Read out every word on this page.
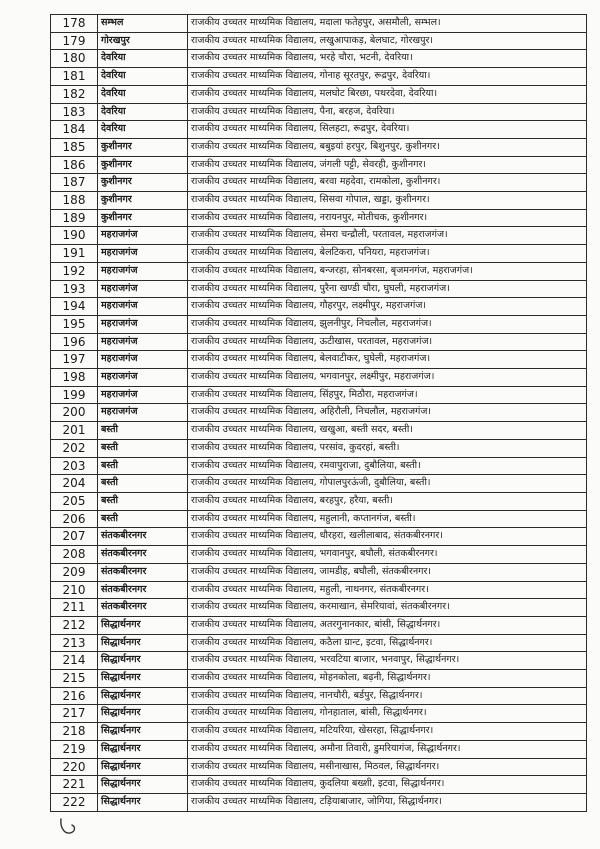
178	सम्भल	राजकीय उच्चतर माध्यमिक विद्यालय, मदाला फतेहपुर, असमौली, सम्भल।
179	गोरखपुर	राजकीय उच्चतर माध्यमिक विद्यालय, लखुआपाकड़, बेलघाट, गोरखपुर।
180	देवरिया	राजकीय उच्चतर माध्यमिक विद्यालय, भरहे चौरा, भटनी, देवरिया।
181	देवरिया	राजकीय उच्चतर माध्यमिक विद्यालय, गोनाह सूरतपुर, रूद्रपुर, देवरिया।
182	देवरिया	राजकीय उच्चतर माध्यमिक विद्यालय, मलघोट बिरछा, पथरदेवा, देवरिया।
183	देवरिया	राजकीय उच्चतर माध्यमिक विद्यालय, पैना, बरहज, देवरिया।
184	देवरिया	राजकीय उच्चतर माध्यमिक विद्यालय, सिलहटा, रूद्रपुर, देवरिया।
185	कुशीनगर	राजकीय उच्चतर माध्यमिक विद्यालय, बबुइयां हरपुर, बिशुनपुर, कुशीनगर।
186	कुशीनगर	राजकीय उच्चतर माध्यमिक विद्यालय, जंगली पट्टी, सेवरही, कुशीनगर।
187	कुशीनगर	राजकीय उच्चतर माध्यमिक विद्यालय, बरवा महदेवा, रामकोला, कुशीनगर।
188	कुशीनगर	राजकीय उच्चतर माध्यमिक विद्यालय, सिसवा गोपाल, खड्डा, कुशीनगर।
189	कुशीनगर	राजकीय उच्चतर माध्यमिक विद्यालय, नरायनपुर, मोतीचक, कुशीनगर।
190	महराजगंज	राजकीय उच्चतर माध्यमिक विद्यालय, सेमरा चन्द्रौली, परतावल, महराजगंज।
191	महराजगंज	राजकीय उच्चतर माध्यमिक विद्यालय, बेलटिकरा, पनियरा, महराजगंज।
192	महराजगंज	राजकीय उच्चतर माध्यमिक विद्यालय, बन्जरहा, सोनबरसा, बृजमनगंज, महराजगंज।
193	महराजगंज	राजकीय उच्चतर माध्यमिक विद्यालय, पुरैना खण्डी चौरा, घुघली, महराजगंज।
194	महराजगंज	राजकीय उच्चतर माध्यमिक विद्यालय, गौहरपुर, लक्ष्मीपुर, महराजगंज।
195	महराजगंज	राजकीय उच्चतर माध्यमिक विद्यालय, झुलनीपुर, निचलौल, महराजगंज।
196	महराजगंज	राजकीय उच्चतर माध्यमिक विद्यालय, ऊटीखास, परतावल, महराजगंज।
197	महराजगंज	राजकीय उच्चतर माध्यमिक विद्यालय, बेलवाटीकर, घुघेली, महराजगंज।
198	महराजगंज	राजकीय उच्चतर माध्यमिक विद्यालय, भगवानपुर, लक्ष्मीपुर, महराजगंज।
199	महराजगंज	राजकीय उच्चतर माध्यमिक विद्यालय, सिंहपुर, मिठौरा, महराजगंज।
200	महराजगंज	राजकीय उच्चतर माध्यमिक विद्यालय, अहिरौली, निचलौल, महराजगंज।
201	बस्ती	राजकीय उच्चतर माध्यमिक विद्यालय, खखुआ, बस्ती सदर, बस्ती।
202	बस्ती	राजकीय उच्चतर माध्यमिक विद्यालय, परसांव, कुदरहां, बस्ती।
203	बस्ती	राजकीय उच्चतर माध्यमिक विद्यालय, रमवापुराजा, दुबौलिया, बस्ती।
204	बस्ती	राजकीय उच्चतर माध्यमिक विद्यालय, गोपालपुरऊंजी, दुबौलिया, बस्ती।
205	बस्ती	राजकीय उच्चतर माध्यमिक विद्यालय, बरहपुर, हरैया, बस्ती।
206	बस्ती	राजकीय उच्चतर माध्यमिक विद्यालय, महुलानी, कप्तानगंज, बस्ती।
207	संतकबीरनगर	राजकीय उच्चतर माध्यमिक विद्यालय, धौरहरा, खलीलाबाद, संतकबीरनगर।
208	संतकबीरनगर	राजकीय उच्चतर माध्यमिक विद्यालय, भगवानपुर, बघौली, संतकबीरनगर।
209	संतकबीरनगर	राजकीय उच्चतर माध्यमिक विद्यालय, जामडीह, बघौली, संतकबीरनगर।
210	संतकबीरनगर	राजकीय उच्चतर माध्यमिक विद्यालय, महुली, नाथनगर, संतकबीरनगर।
211	संतकबीरनगर	राजकीय उच्चतर माध्यमिक विद्यालय, करमाखान, सेमरियावां, संतकबीरनगर।
212	सिद्धार्थनगर	राजकीय उच्चतर माध्यमिक विद्यालय, अतरगुनानकार, बांसी, सिद्धार्थनगर।
213	सिद्धार्थनगर	राजकीय उच्चतर माध्यमिक विद्यालय, कठैला ग्रान्ट, इटवा, सिद्धार्थनगर।
214	सिद्धार्थनगर	राजकीय उच्चतर माध्यमिक विद्यालय, भरवटिया बाजार, भनवापुर, सिद्धार्थनगर।
215	सिद्धार्थनगर	राजकीय उच्चतर माध्यमिक विद्यालय, मोहनकोला, बढ़नी, सिद्धार्थनगर।
216	सिद्धार्थनगर	राजकीय उच्चतर माध्यमिक विद्यालय, नानचौरी, बर्डपुर, सिद्धार्थनगर।
217	सिद्धार्थनगर	राजकीय उच्चतर माध्यमिक विद्यालय, गोनहाताल, बांसी, सिद्धार्थनगर।
218	सिद्धार्थनगर	राजकीय उच्चतर माध्यमिक विद्यालय, मटियरिया, खेसरहा, सिद्धार्थनगर।
219	सिद्धार्थनगर	राजकीय उच्चतर माध्यमिक विद्यालय, अमौना तिवारी, डुमरियागंज, सिद्धार्थनगर।
220	सिद्धार्थनगर	राजकीय उच्चतर माध्यमिक विद्यालय, मसीनाखास, मिठवल, सिद्धार्थनगर।
221	सिद्धार्थनगर	राजकीय उच्चतर माध्यमिक विद्यालय, कुदलिया बख्शी, इटवा, सिद्धार्थनगर।
222	सिद्धार्थनगर	राजकीय उच्चतर माध्यमिक विद्यालय, टड़ियाबाजार, जोगिया, सिद्धार्थनगर।
